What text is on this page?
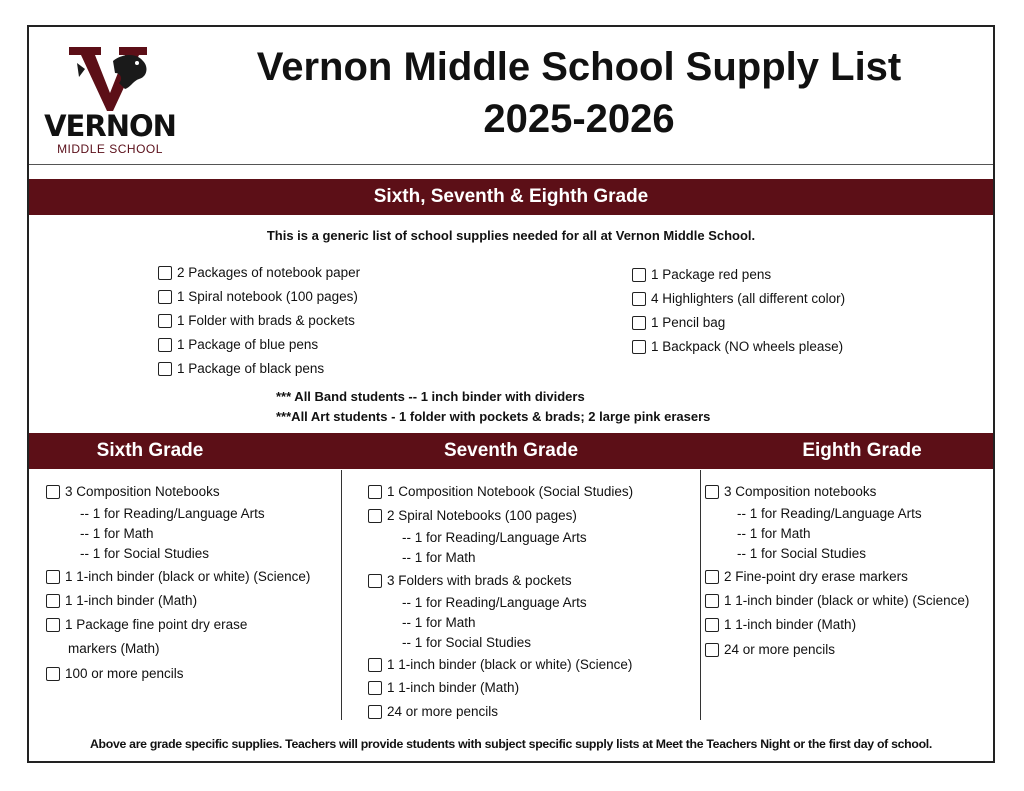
VERNON
MIDDLE SCHOOL
Vernon Middle School Supply List
2025-2026
Sixth, Seventh & Eighth Grade
This is a generic list of school supplies needed for all at Vernon Middle School.
2 Packages of notebook paper
1 Spiral notebook (100 pages)
1 Folder with brads & pockets
1 Package of blue pens
1 Package of black pens
1 Package red pens
4 Highlighters (all different color)
1 Pencil bag
1 Backpack (NO wheels please)
*** All Band students -- 1 inch binder with dividers
***All Art students - 1 folder with pockets & brads; 2 large pink erasers
Sixth Grade	Seventh Grade	Eighth Grade
3 Composition Notebooks
-- 1 for Reading/Language Arts
-- 1 for Math
-- 1 for Social Studies
1 1-inch binder (black or white) (Science)
1 1-inch binder (Math)
1 Package fine point dry erase
markers (Math)
100 or more pencils
1 Composition Notebook (Social Studies)
2 Spiral Notebooks (100 pages)
-- 1 for Reading/Language Arts
-- 1 for Math
3 Folders with brads & pockets
-- 1 for Reading/Language Arts
-- 1 for Math
-- 1 for Social Studies
1 1-inch binder (black or white) (Science)
1 1-inch binder (Math)
24 or more pencils
3 Composition notebooks
-- 1 for Reading/Language Arts
-- 1 for Math
-- 1 for Social Studies
2 Fine-point dry erase markers
1 1-inch binder (black or white) (Science)
1 1-inch binder (Math)
24 or more pencils
Above are grade specific supplies. Teachers will provide students with subject specific supply lists at Meet the Teachers Night or the first day of school.
